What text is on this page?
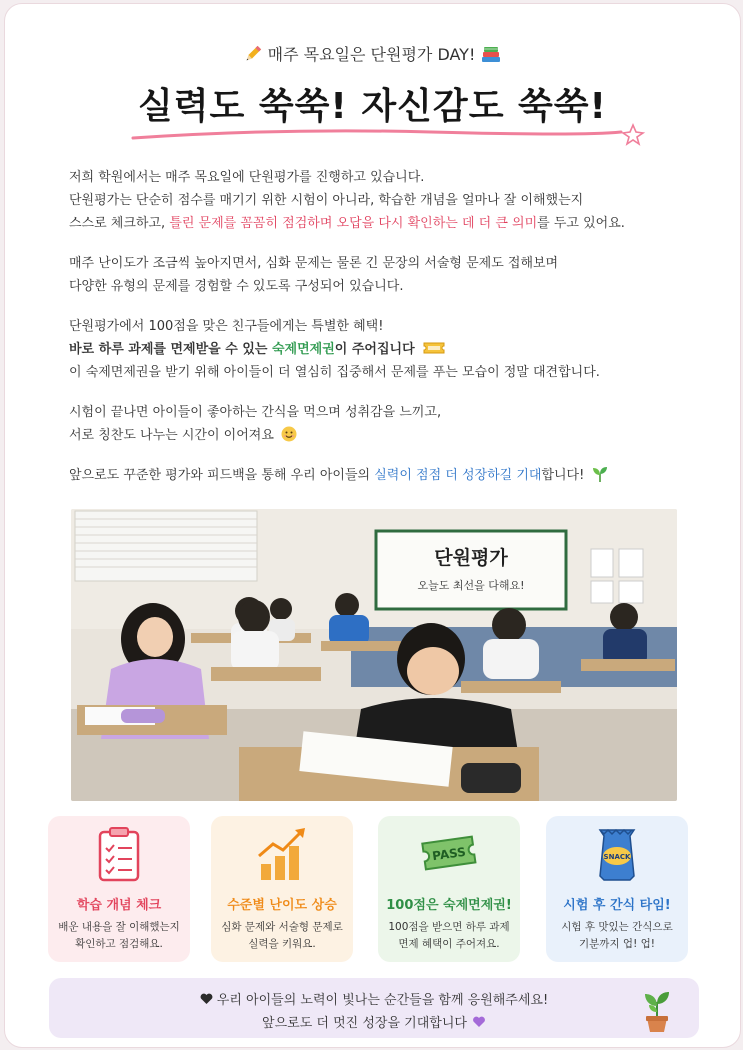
매주 목요일은 단원평가 DAY!
실력도 쑥쑥! 자신감도 쑥쑥!

저희 학원에서는 매주 목요일에 단원평가를 진행하고 있습니다.
단원평가는 단순히 점수를 매기기 위한 시험이 아니라, 학습한 개념을 얼마나 잘 이해했는지
스스로 체크하고, 틀린 문제를 꼼꼼히 점검하며 오답을 다시 확인하는 데 더 큰 의미를 두고 있어요.

매주 난이도가 조금씩 높아지면서, 심화 문제는 물론 긴 문장의 서술형 문제도 접해보며
다양한 유형의 문제를 경험할 수 있도록 구성되어 있습니다.

단원평가에서 100점을 맞은 친구들에게는 특별한 혜택!
바로 하루 과제를 면제받을 수 있는 숙제면제권이 주어집니다
이 숙제면제권을 받기 위해 아이들이 더 열심히 집중해서 문제를 푸는 모습이 정말 대견합니다.

시험이 끝나면 아이들이 좋아하는 간식을 먹으며 성취감을 느끼고,
서로 칭찬도 나누는 시간이 이어져요

앞으로도 꾸준한 평가와 피드백을 통해 우리 아이들의 실력이 점점 더 성장하길 기대합니다!

단원평가
오늘도 최선을 다해요!
학습 개념 체크
배운 내용을 잘 이해했는지
확인하고 점검해요.
수준별 난이도 상승
심화 문제와 서술형 문제로
실력을 키워요.
PASS
100점은 숙제면제권!
100점을 받으면 하루 과제
면제 혜택이 주어져요.
SNACK
시험 후 간식 타임!
시험 후 맛있는 간식으로
기분까지 업! 업!
우리 아이들의 노력이 빛나는 순간들을 함께 응원해주세요!
앞으로도 더 멋진 성장을 기대합니다
